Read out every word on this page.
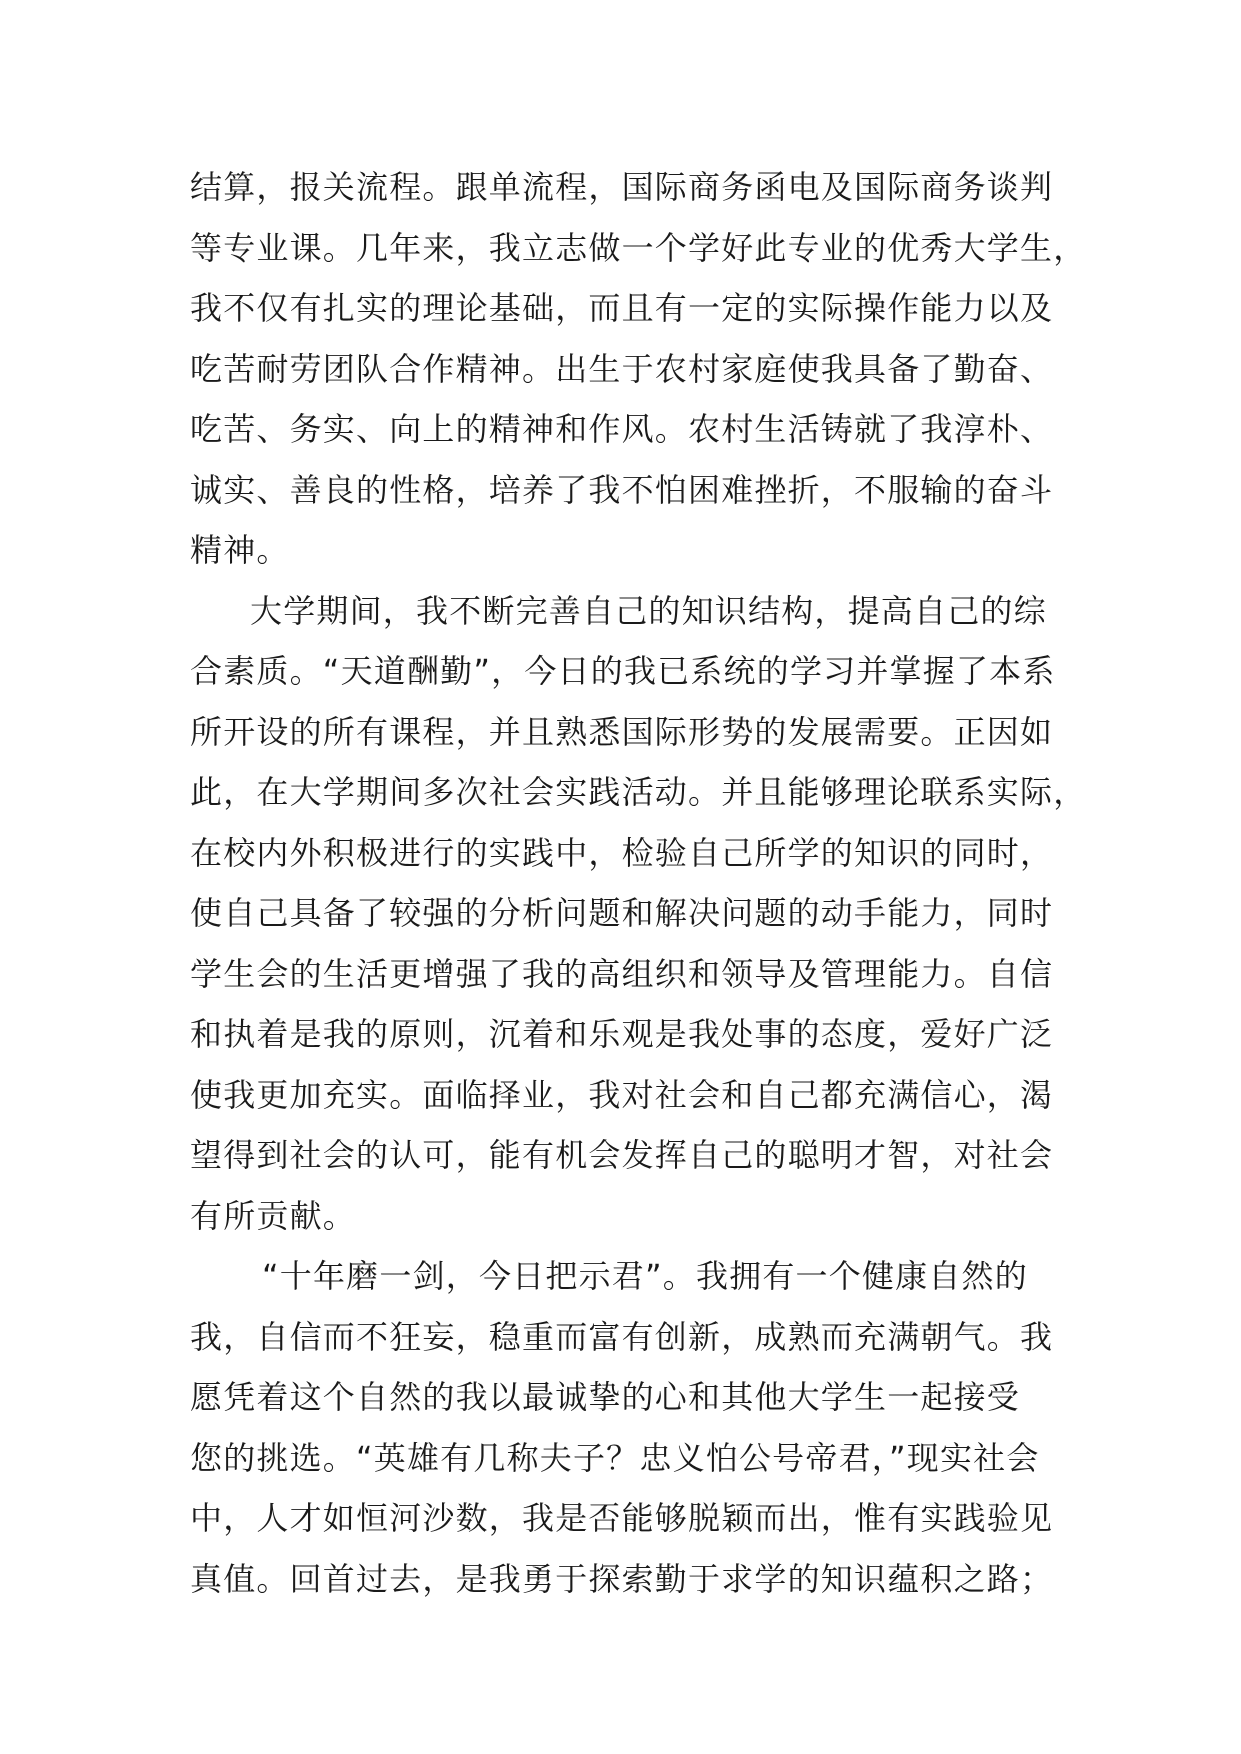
结算，报关流程。跟单流程，国际商务函电及国际商务谈判
等专业课。几年来，我立志做一个学好此专业的优秀大学生，
我不仅有扎实的理论基础，而且有一定的实际操作能力以及
吃苦耐劳团队合作精神。出生于农村家庭使我具备了勤奋、
吃苦、务实、向上的精神和作风。农村生活铸就了我淳朴、
诚实、善良的性格，培养了我不怕困难挫折，不服输的奋斗
精神。
大学期间，我不断完善自己的知识结构，提高自己的综
合素质。“天道酬勤”，今日的我已系统的学习并掌握了本系
所开设的所有课程，并且熟悉国际形势的发展需要。正因如
此，在大学期间多次社会实践活动。并且能够理论联系实际，
在校内外积极进行的实践中，检验自己所学的知识的同时，
使自己具备了较强的分析问题和解决问题的动手能力，同时
学生会的生活更增强了我的高组织和领导及管理能力。自信
和执着是我的原则，沉着和乐观是我处事的态度，爱好广泛
使我更加充实。面临择业，我对社会和自己都充满信心，渴
望得到社会的认可，能有机会发挥自己的聪明才智，对社会
有所贡献。
“十年磨一剑，今日把示君”。我拥有一个健康自然的
我，自信而不狂妄，稳重而富有创新，成熟而充满朝气。我
愿凭着这个自然的我以最诚挚的心和其他大学生一起接受
您的挑选。“英雄有几称夫子？忠义怕公号帝君，”现实社会
中，人才如恒河沙数，我是否能够脱颖而出，惟有实践验见
真值。回首过去，是我勇于探索勤于求学的知识蕴积之路；
